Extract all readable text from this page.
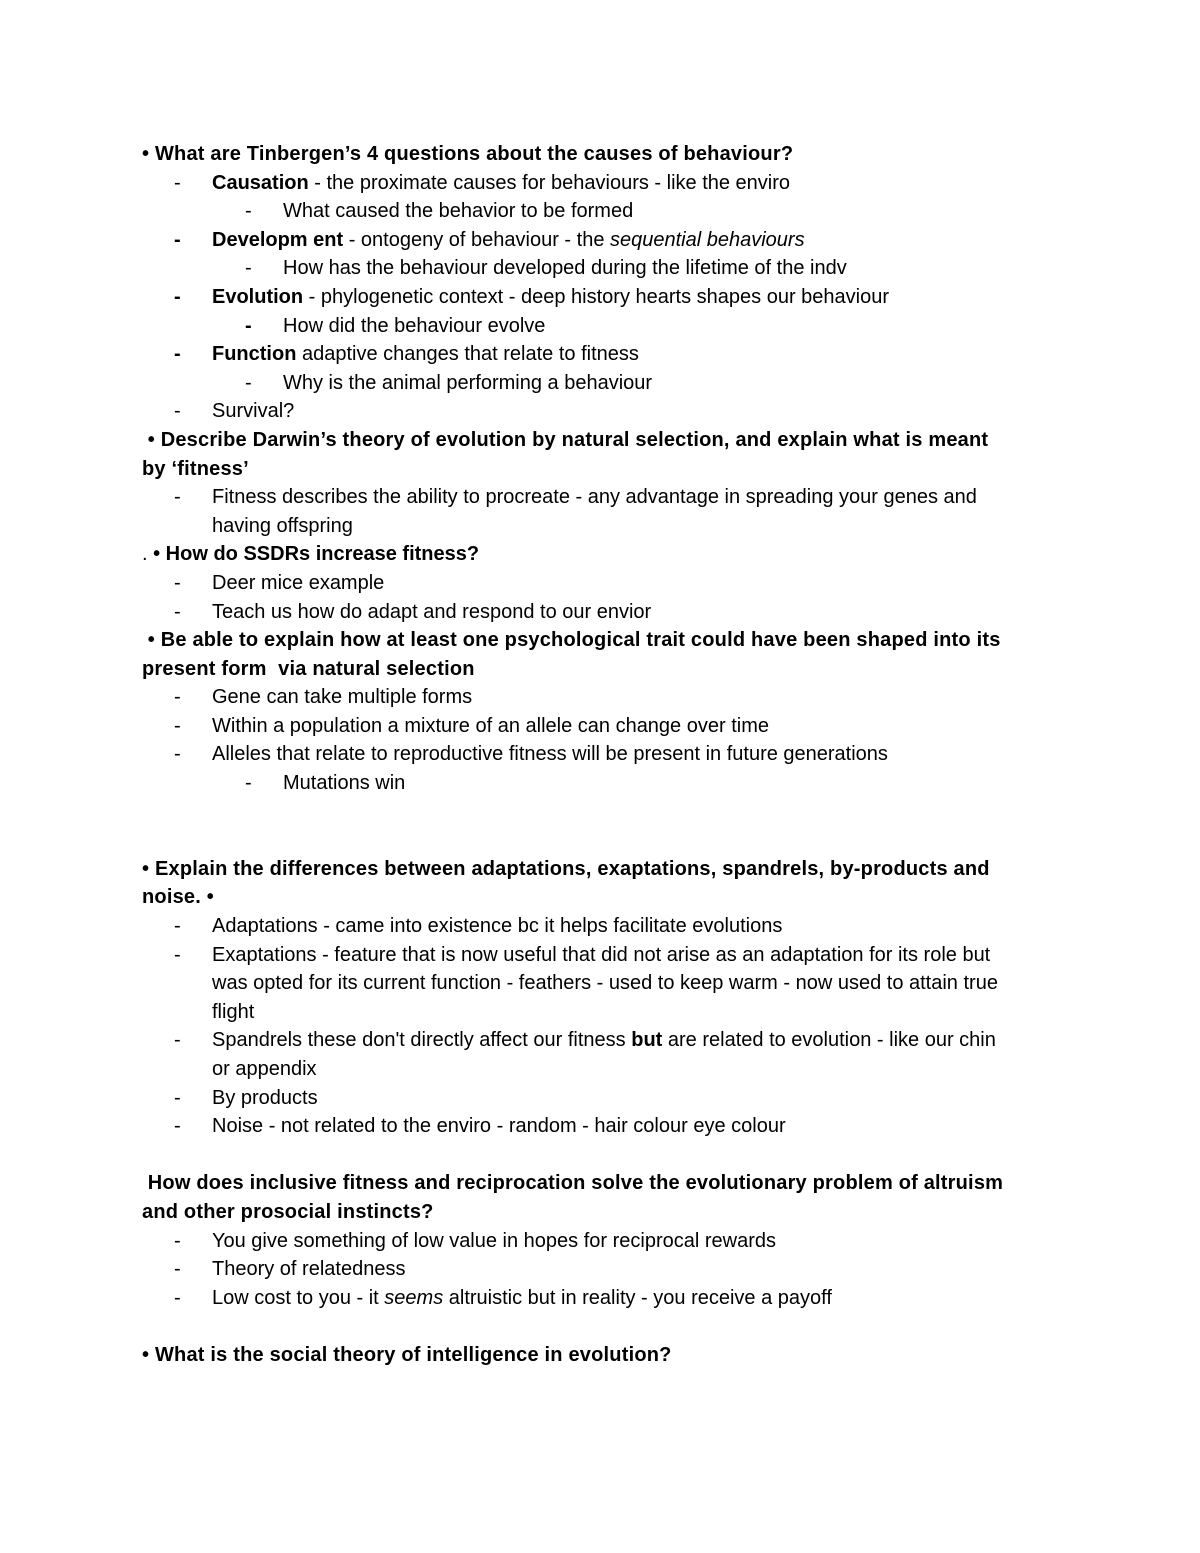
• What are Tinbergen’s 4 questions about the causes of behaviour?
- Causation - the proximate causes for behaviours - like the enviro
- What caused the behavior to be formed
- Developm ent - ontogeny of behaviour - the sequential behaviours
- How has the behaviour developed during the lifetime of the indv
- Evolution - phylogenetic context - deep history hearts shapes our behaviour
- How did the behaviour evolve
- Function adaptive changes that relate to fitness
- Why is the animal performing a behaviour
- Survival?
• Describe Darwin’s theory of evolution by natural selection, and explain what is meant
by ‘fitness’
- Fitness describes the ability to procreate - any advantage in spreading your genes and
having offspring
. • How do SSDRs increase fitness?
- Deer mice example
- Teach us how do adapt and respond to our envior
• Be able to explain how at least one psychological trait could have been shaped into its
present form  via natural selection
- Gene can take multiple forms
- Within a population a mixture of an allele can change over time
- Alleles that relate to reproductive fitness will be present in future generations
- Mutations win
• Explain the differences between adaptations, exaptations, spandrels, by-products and
noise. •
- Adaptations - came into existence bc it helps facilitate evolutions
- Exaptations - feature that is now useful that did not arise as an adaptation for its role but
was opted for its current function - feathers - used to keep warm - now used to attain true
flight
- Spandrels these don't directly affect our fitness but are related to evolution - like our chin
or appendix
- By products
- Noise - not related to the enviro - random - hair colour eye colour
How does inclusive fitness and reciprocation solve the evolutionary problem of altruism
and other prosocial instincts?
- You give something of low value in hopes for reciprocal rewards
- Theory of relatedness
- Low cost to you - it seems altruistic but in reality - you receive a payoff
• What is the social theory of intelligence in evolution?
